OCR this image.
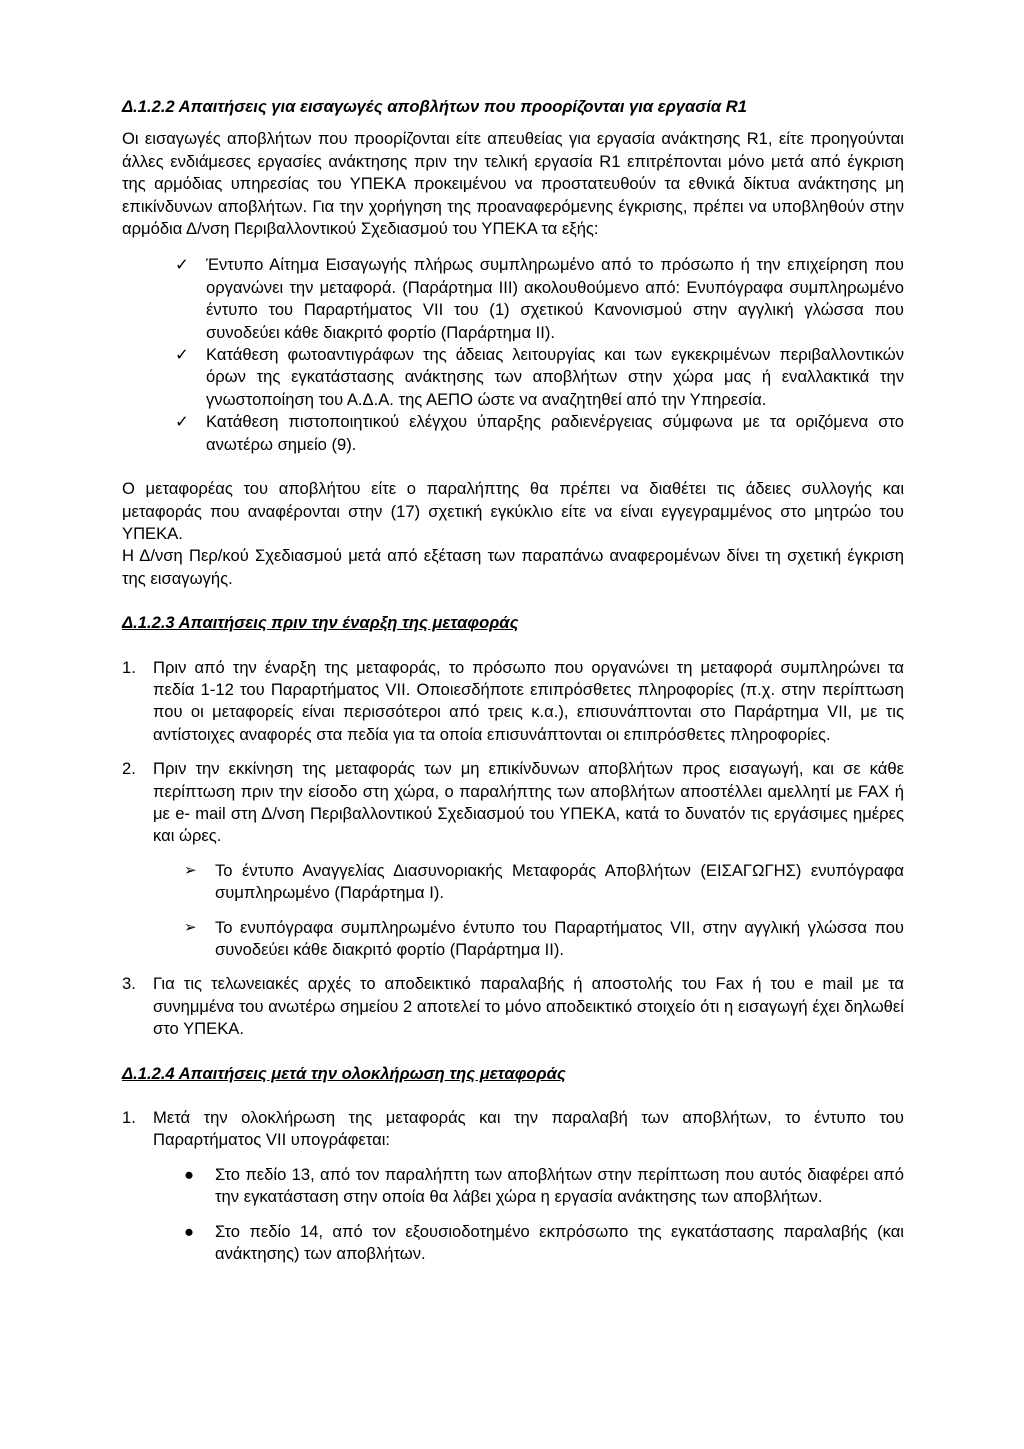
Δ.1.2.2 Απαιτήσεις για εισαγωγές αποβλήτων που προορίζονται για εργασία R1

Οι εισαγωγές αποβλήτων που προορίζονται είτε απευθείας για εργασία ανάκτησης R1, είτε προηγούνται άλλες ενδιάμεσες εργασίες ανάκτησης πριν την τελική εργασία R1 επιτρέπονται μόνο μετά από έγκριση της αρμόδιας υπηρεσίας του ΥΠΕΚΑ προκειμένου να προστατευθούν τα εθνικά δίκτυα ανάκτησης μη επικίνδυνων αποβλήτων. Για την χορήγηση της προαναφερόμενης έγκρισης, πρέπει να υποβληθούν στην αρμόδια Δ/νση Περιβαλλοντικού Σχεδιασμού του ΥΠΕΚΑ τα εξής:

✓ Έντυπο Αίτημα Εισαγωγής πλήρως συμπληρωμένο από το πρόσωπο ή την επιχείρηση που οργανώνει την μεταφορά. (Παράρτημα ΙΙΙ) ακολουθούμενο από: Ενυπόγραφα συμπληρωμένο έντυπο του Παραρτήματος VII του (1) σχετικού Κανονισμού στην αγγλική γλώσσα που συνοδεύει κάθε διακριτό φορτίο (Παράρτημα ΙΙ).
✓ Κατάθεση φωτοαντιγράφων της άδειας λειτουργίας και των εγκεκριμένων περιβαλλοντικών όρων της εγκατάστασης ανάκτησης των αποβλήτων στην χώρα μας ή εναλλακτικά την γνωστοποίηση του Α.Δ.Α. της ΑΕΠΟ ώστε να αναζητηθεί από την Υπηρεσία.
✓ Κατάθεση πιστοποιητικού ελέγχου ύπαρξης ραδιενέργειας σύμφωνα με τα οριζόμενα στο ανωτέρω σημείο (9).

Ο μεταφορέας του αποβλήτου είτε ο παραλήπτης θα πρέπει να διαθέτει τις άδειες συλλογής και μεταφοράς που αναφέρονται στην (17) σχετική εγκύκλιο είτε να είναι εγγεγραμμένος στο μητρώο του ΥΠΕΚΑ.

Η Δ/νση Περ/κού Σχεδιασμού μετά από εξέταση των παραπάνω αναφερομένων δίνει τη σχετική έγκριση της εισαγωγής.

Δ.1.2.3 Απαιτήσεις πριν την έναρξη της μεταφοράς
1. Πριν από την έναρξη της μεταφοράς, το πρόσωπο που οργανώνει τη μεταφορά συμπληρώνει τα πεδία 1-12 του Παραρτήματος VII. Οποιεσδήποτε επιπρόσθετες πληροφορίες (π.χ. στην περίπτωση που οι μεταφορείς είναι περισσότεροι από τρεις κ.α.), επισυνάπτονται στο Παράρτημα VII, με τις αντίστοιχες αναφορές στα πεδία για τα οποία επισυνάπτονται οι επιπρόσθετες πληροφορίες.
2. Πριν την εκκίνηση της μεταφοράς των μη επικίνδυνων αποβλήτων προς εισαγωγή, και σε κάθε περίπτωση πριν την είσοδο στη χώρα, ο παραλήπτης των αποβλήτων αποστέλλει αμελλητί με FAX ή με e- mail στη Δ/νση Περιβαλλοντικού Σχεδιασμού του ΥΠΕΚΑ, κατά το δυνατόν τις εργάσιμες ημέρες και ώρες.
➢ Το έντυπο Αναγγελίας Διασυνοριακής Μεταφοράς Αποβλήτων (ΕΙΣΑΓΩΓΗΣ) ενυπόγραφα συμπληρωμένο (Παράρτημα Ι).
➢ Το ενυπόγραφα συμπληρωμένο έντυπο του Παραρτήματος VII, στην αγγλική γλώσσα που συνοδεύει κάθε διακριτό φορτίο (Παράρτημα ΙΙ).
3. Για τις τελωνειακές αρχές το αποδεικτικό παραλαβής ή αποστολής του Fax ή του e mail με τα συνημμένα του ανωτέρω σημείου 2 αποτελεί το μόνο αποδεικτικό στοιχείο ότι η εισαγωγή έχει δηλωθεί στο ΥΠΕΚΑ.
Δ.1.2.4 Απαιτήσεις μετά την ολοκλήρωση της μεταφοράς
1. Μετά την ολοκλήρωση της μεταφοράς και την παραλαβή των αποβλήτων, το έντυπο του Παραρτήματος VII υπογράφεται:
● Στο πεδίο 13, από τον παραλήπτη των αποβλήτων στην περίπτωση που αυτός διαφέρει από την εγκατάσταση στην οποία θα λάβει χώρα η εργασία ανάκτησης των αποβλήτων.
● Στο πεδίο 14, από τον εξουσιοδοτημένο εκπρόσωπο της εγκατάστασης παραλαβής (και ανάκτησης) των αποβλήτων.
